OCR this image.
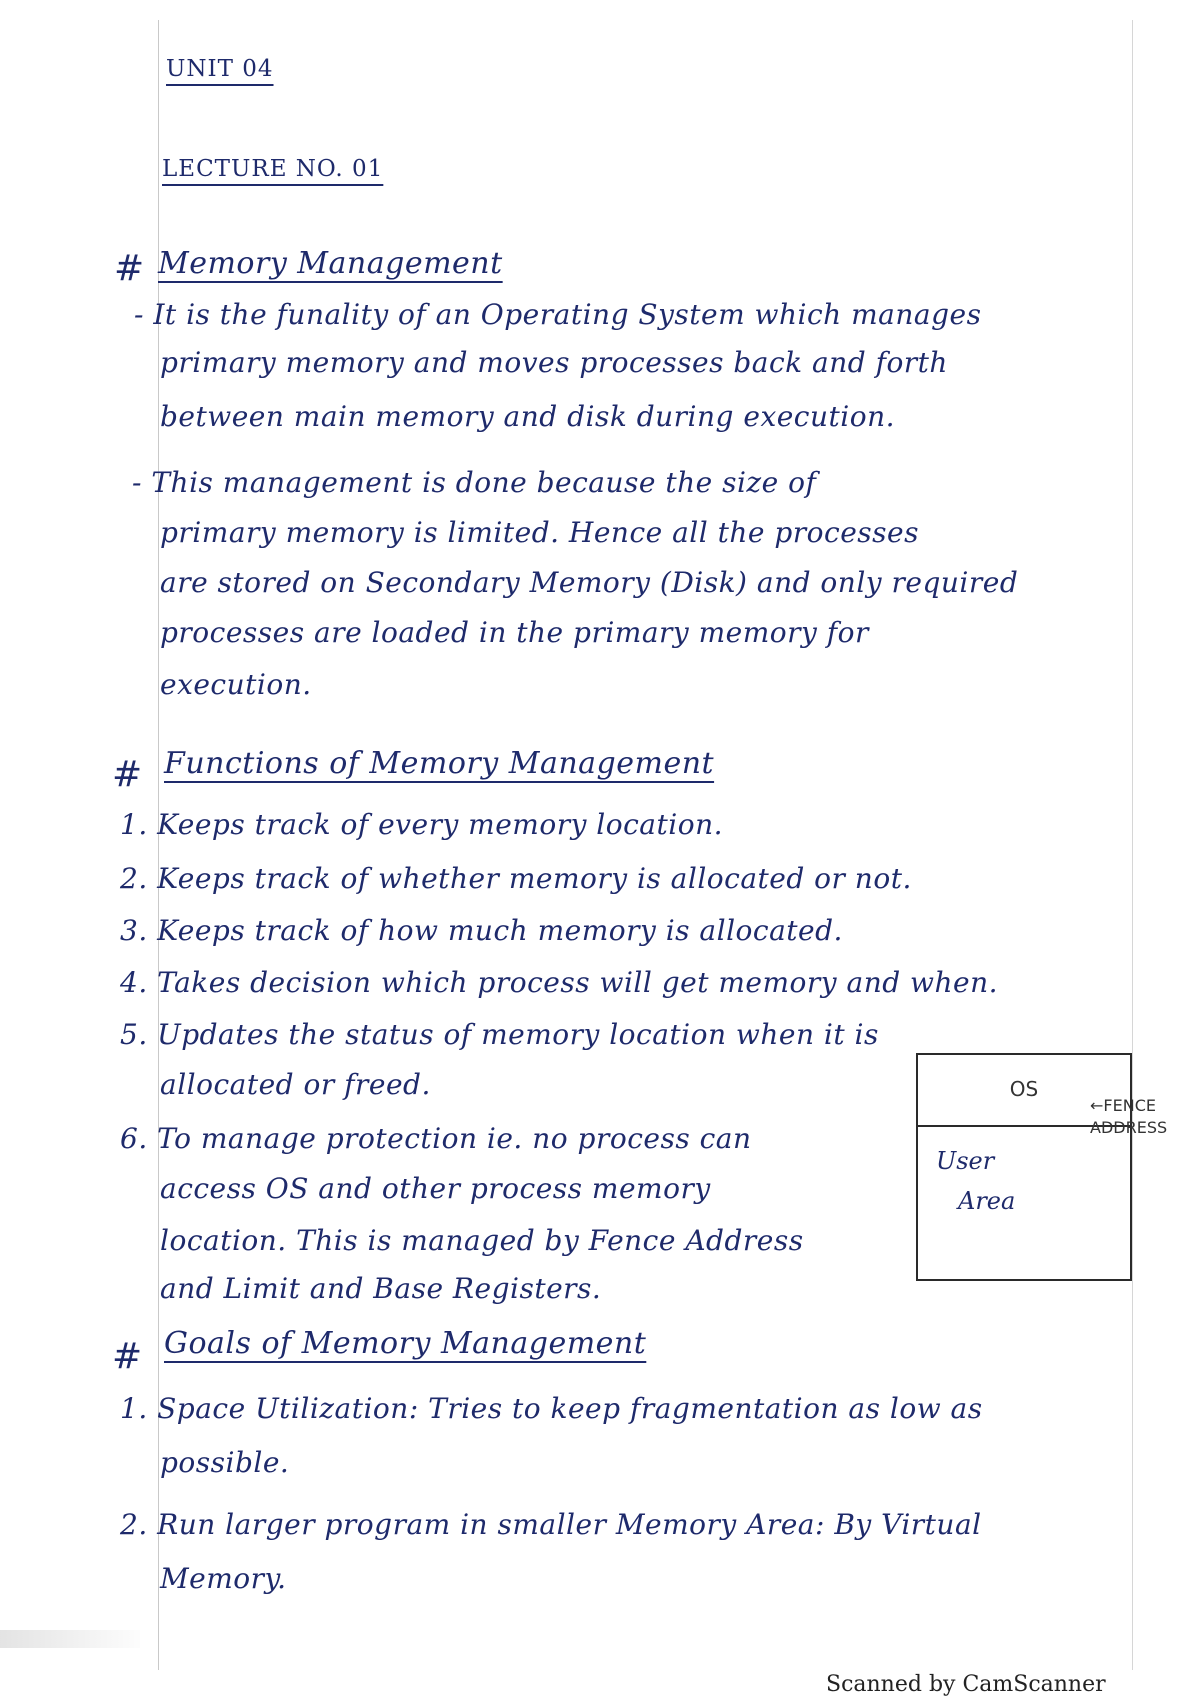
UNIT 04
LECTURE NO. 01
# Memory Management
- It is the funality of an Operating System which manages
primary memory and moves processes back and forth
between main memory and disk during execution.
- This management is done because the size of
primary memory is limited. Hence all the processes
are stored on Secondary Memory (Disk) and only required
processes are loaded in the primary memory for
execution.
# Functions of Memory Management
1. Keeps track of every memory location.
2. Keeps track of whether memory is allocated or not.
3. Keeps track of how much memory is allocated.
4. Takes decision which process will get memory and when.
5. Updates the status of memory location when it is
allocated or freed.
6. To manage protection ie. no process can
access OS and other process memory
location. This is managed by Fence Address
and Limit and Base Registers.
OS
User
Area
←FENCE
ADDRESS
# Goals of Memory Management
1. Space Utilization: Tries to keep fragmentation as low as
possible.
2. Run larger program in smaller Memory Area: By Virtual
Memory.
Scanned by CamScanner
